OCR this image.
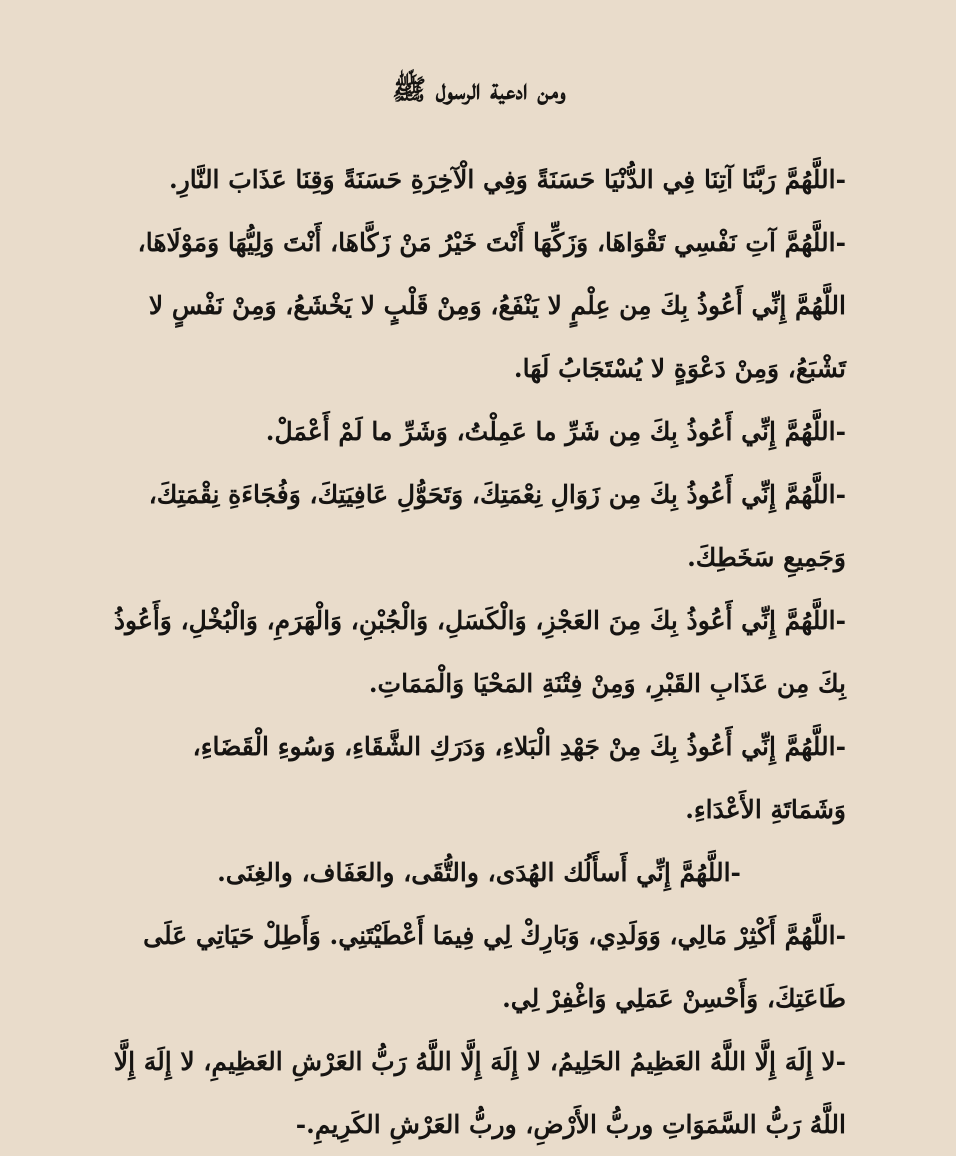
ومن ادعية الرسول ﷺ
-اللَّهُمَّ رَبَّنَا آتِنَا فِي الدُّنْيَا حَسَنَةً وَفِي الْآخِرَةِ حَسَنَةً وَقِنَا عَذَابَ النَّارِ.
-اللَّهُمَّ آتِ نَفْسِي تَقْوَاهَا، وَزَكِّهَا أَنْتَ خَيْرُ مَنْ زَكَّاهَا، أَنْتَ وَلِيُّهَا وَمَوْلَاهَا، اللَّهُمَّ إِنِّي أَعُوذُ بِكَ مِن عِلْمٍ لا يَنْفَعُ، وَمِنْ قَلْبٍ لا يَخْشَعُ، وَمِنْ نَفْسٍ لا تَشْبَعُ، وَمِنْ دَعْوَةٍ لا يُسْتَجَابُ لَهَا.
-اللَّهُمَّ إِنِّي أَعُوذُ بِكَ مِن شَرِّ ما عَمِلْتُ، وَشَرِّ ما لَمْ أَعْمَلْ.
-اللَّهُمَّ إِنِّي أَعُوذُ بِكَ مِن زَوَالِ نِعْمَتِكَ، وَتَحَوُّلِ عَافِيَتِكَ، وَفُجَاءَةِ نِقْمَتِكَ، وَجَمِيعِ سَخَطِكَ.
-اللَّهُمَّ إِنِّي أَعُوذُ بِكَ مِنَ العَجْزِ، وَالْكَسَلِ، وَالْجُبْنِ، وَالْهَرَمِ، وَالْبُخْلِ، وَأَعُوذُ بِكَ مِن عَذَابِ القَبْرِ، وَمِنْ فِتْنَةِ المَحْيَا وَالْمَمَاتِ.
-اللَّهُمَّ إِنِّي أَعُوذُ بِكَ مِنْ جَهْدِ الْبَلاءِ، وَدَرَكِ الشَّقَاءِ، وَسُوءِ الْقَضَاءِ، وَشَمَاتَةِ الأَعْدَاءِ.
-اللَّهُمَّ إِنِّي أَسأَلُك الهُدَى، والتُّقَى، والعَفَاف، والغِنَى.
-اللَّهُمَّ أَكْثِرْ مَالِي، وَوَلَدِي، وَبَارِكْ لِي فِيمَا أَعْطَيْتَنِي. وَأَطِلْ حَيَاتِي عَلَى طَاعَتِكَ، وَأَحْسِنْ عَمَلِي وَاغْفِرْ لِي.
-لا إِلَهَ إِلَّا اللَّهُ العَظِيمُ الحَلِيمُ، لا إِلَهَ إِلَّا اللَّهُ رَبُّ العَرْشِ العَظِيمِ، لا إِلَهَ إِلَّا اللَّهُ رَبُّ السَّمَوَاتِ وربُّ الأَرْضِ، وربُّ العَرْشِ الكَرِيمِ.-
